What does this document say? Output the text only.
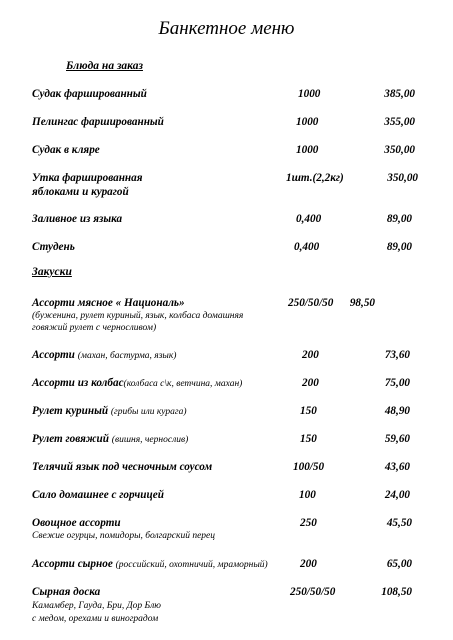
Банкетное меню
Блюда на заказ
Закуски
Судак фаршированный	1000	385,00
Пелингас фаршированный	1000	355,00
Судак в кляре	1000	350,00
Утка фаршированная
яблоками и курагой
1шт.(2,2кг)	350,00
Заливное из языка	0,400	89,00
Студень	0,400	89,00
Ассорти мясное « Националь»
(буженина, рулет куриный, язык, колбаса домашняя
говяжий рулет с черносливом)
250/50/50	98,50
Ассорти (махан, бастурма, язык)	200	73,60
Ассорти из колбас(колбаса с\к, ветчина, махан)	200	75,00
Рулет куриный (грибы или курага)	150	48,90
Рулет говяжий (вишня, чернослив)	150	59,60
Телячий язык под чесночным соусом	100/50	43,60
Сало домашнее с горчицей	100	24,00
Овощное ассорти
Свежие огурцы, помидоры, болгарский перец
250	45,50
Ассорти сырное (российский, охотничий, мраморный)	200	65,00
Сырная доска
Камамбер, Гауда, Бри, Дор Блю
с медом, орехами и виноградом
250/50/50	108,50
